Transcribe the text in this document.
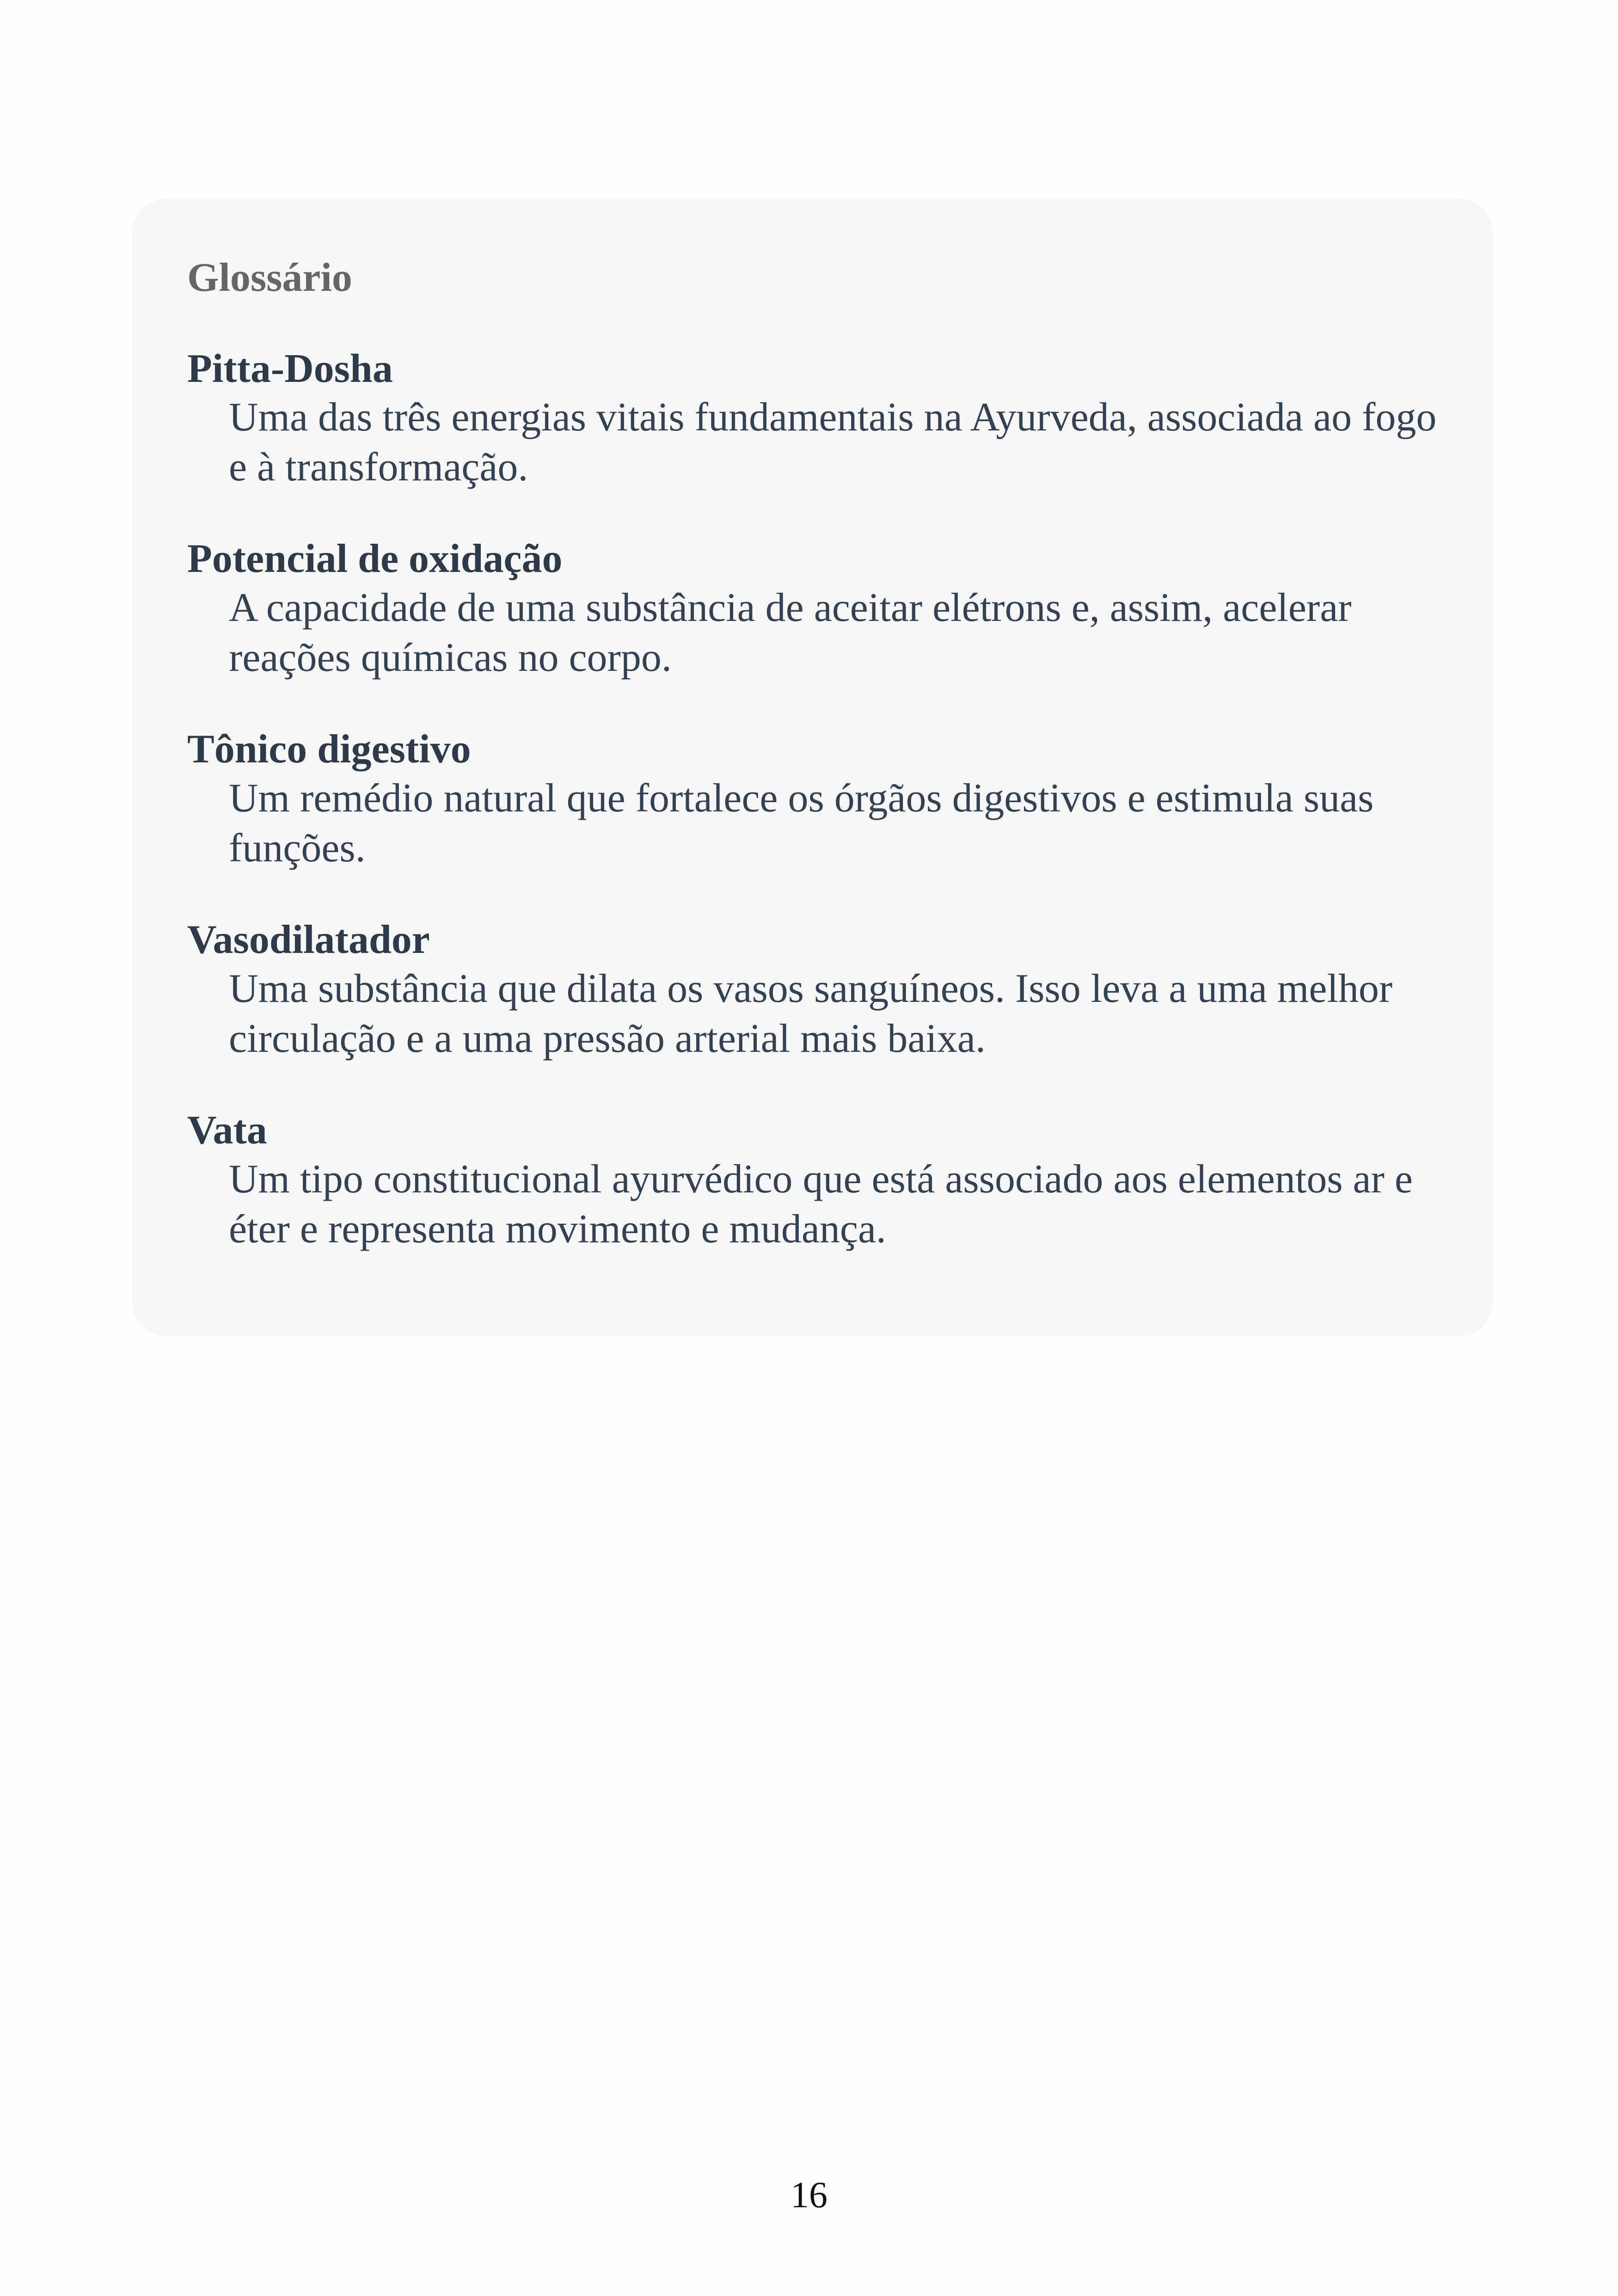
Glossário

Pitta-Dosha

Uma das três energias vitais fundamentais na Ayurveda, associada ao fogo e à transformação.

Potencial de oxidação

A capacidade de uma substância de aceitar elétrons e, assim, acelerar reações químicas no corpo.

Tônico digestivo

Um remédio natural que fortalece os órgãos digestivos e estimula suas funções.

Vasodilatador

Uma substância que dilata os vasos sanguíneos. Isso leva a uma melhor circulação e a uma pressão arterial mais baixa.

Vata

Um tipo constitucional ayurvédico que está associado aos elementos ar e éter e representa movimento e mudança.

16
